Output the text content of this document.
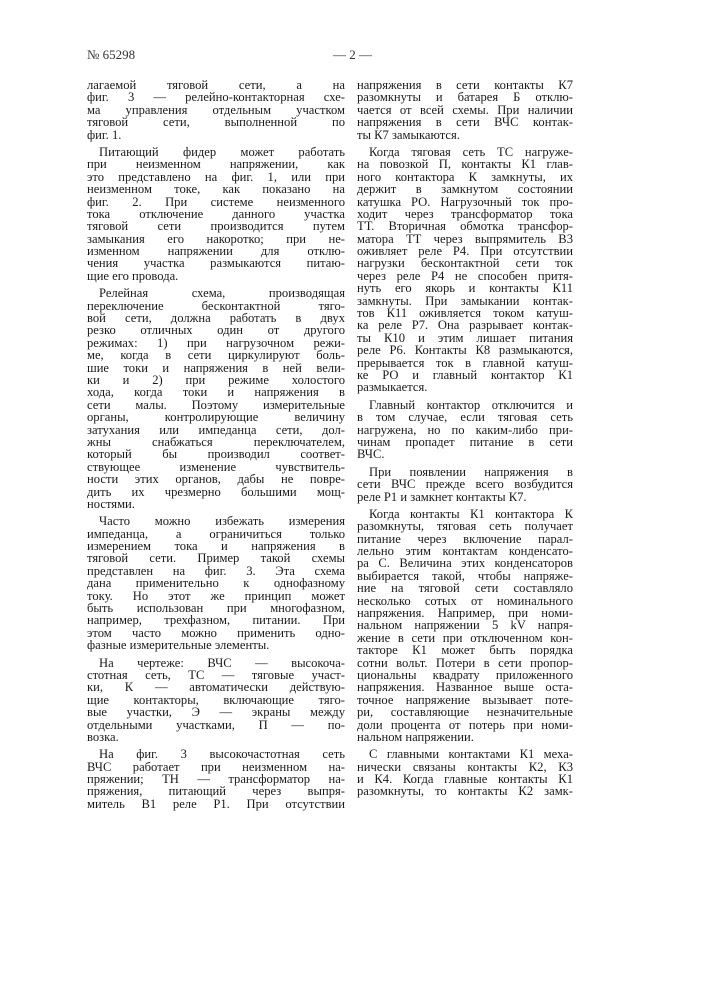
№ 65298	— 2 —
лагаемой тяговой сети, а на
фиг. 3 — релейно-контакторная схе-
ма управления отдельным участком
тяговой сети, выполненной по
фиг. 1.
Питающий фидер может работать
при неизменном напряжении, как
это представлено на фиг. 1, или при
неизменном токе, как показано на
фиг. 2. При системе неизменного
тока отключение данного участка
тяговой сети производится путем
замыкания его накоротко; при не-
изменном напряжении для отклю-
чения участка размыкаются питаю-
щие его провода.
Релейная схема, производящая
переключение бесконтактной тяго-
вой сети, должна работать в двух
резко отличных один от другого
режимах: 1) при нагрузочном режи-
ме, когда в сети циркулируют боль-
шие токи и напряжения в ней вели-
ки и 2) при режиме холостого
хода, когда токи и напряжения в
сети малы. Поэтому измерительные
органы, контролирующие величину
затухания или импеданца сети, дол-
жны снабжаться переключателем,
который бы производил соответ-
ствующее изменение чувствитель-
ности этих органов, дабы не повре-
дить их чрезмерно большими мощ-
ностями.
Часто можно избежать измерения
импеданца, а ограничиться только
измерением тока и напряжения в
тяговой сети. Пример такой схемы
представлен на фиг. 3. Эта схема
дана применительно к однофазному
току. Но этот же принцип может
быть использован при многофазном,
например, трехфазном, питании. При
этом часто можно применить одно-
фазные измерительные элементы.
На чертеже: ВЧС — высокоча-
стотная сеть, ТС — тяговые участ-
ки, К — автоматически действую-
щие контакторы, включающие тяго-
вые участки, Э — экраны между
отдельными участками, П — по-
возка.
На фиг. 3 высокочастотная сеть
ВЧС работает при неизменном на-
пряжении; ТН — трансформатор на-
пряжения, питающий через выпря-
митель В1 реле Р1. При отсутствии
напряжения в сети контакты К7
разомкнуты и батарея Б отклю-
чается от всей схемы. При наличии
напряжения в сети ВЧС контак-
ты К7 замыкаются.
Когда тяговая сеть ТС нагруже-
на повозкой П, контакты К1 глав-
ного контактора К замкнуты, их
держит в замкнутом состоянии
катушка РО. Нагрузочный ток про-
ходит через трансформатор тока
ТТ. Вторичная обмотка трансфор-
матора ТТ через выпрямитель В3
оживляет реле Р4. При отсутствии
нагрузки бесконтактной сети ток
через реле Р4 не способен притя-
нуть его якорь и контакты К11
замкнуты. При замыкании контак-
тов К11 оживляется током катуш-
ка реле Р7. Она разрывает контак-
ты К10 и этим лишает питания
реле Р6. Контакты К8 размыкаются,
прерывается ток в главной катуш-
ке РО и главный контактор К1
размыкается.
Главный контактор отключится и
в том случае, если тяговая сеть
нагружена, но по каким-либо при-
чинам пропадет питание в сети
ВЧС.
При появлении напряжения в
сети ВЧС прежде всего возбудится
реле Р1 и замкнет контакты К7.
Когда контакты К1 контактора К
разомкнуты, тяговая сеть получает
питание через включение парал-
лельно этим контактам конденсато-
ра С. Величина этих конденсаторов
выбирается такой, чтобы напряже-
ние на тяговой сети составляло
несколько сотых от номинального
напряжения. Например, при номи-
нальном напряжении 5 kV напря-
жение в сети при отключенном кон-
такторе К1 может быть порядка
сотни вольт. Потери в сети пропор-
циональны квадрату приложенного
напряжения. Названное выше оста-
точное напряжение вызывает поте-
ри, составляющие незначительные
доли процента от потерь при номи-
нальном напряжении.
С главными контактами К1 меха-
нически связаны контакты К2, К3
и К4. Когда главные контакты К1
разомкнуты, то контакты К2 замк-
